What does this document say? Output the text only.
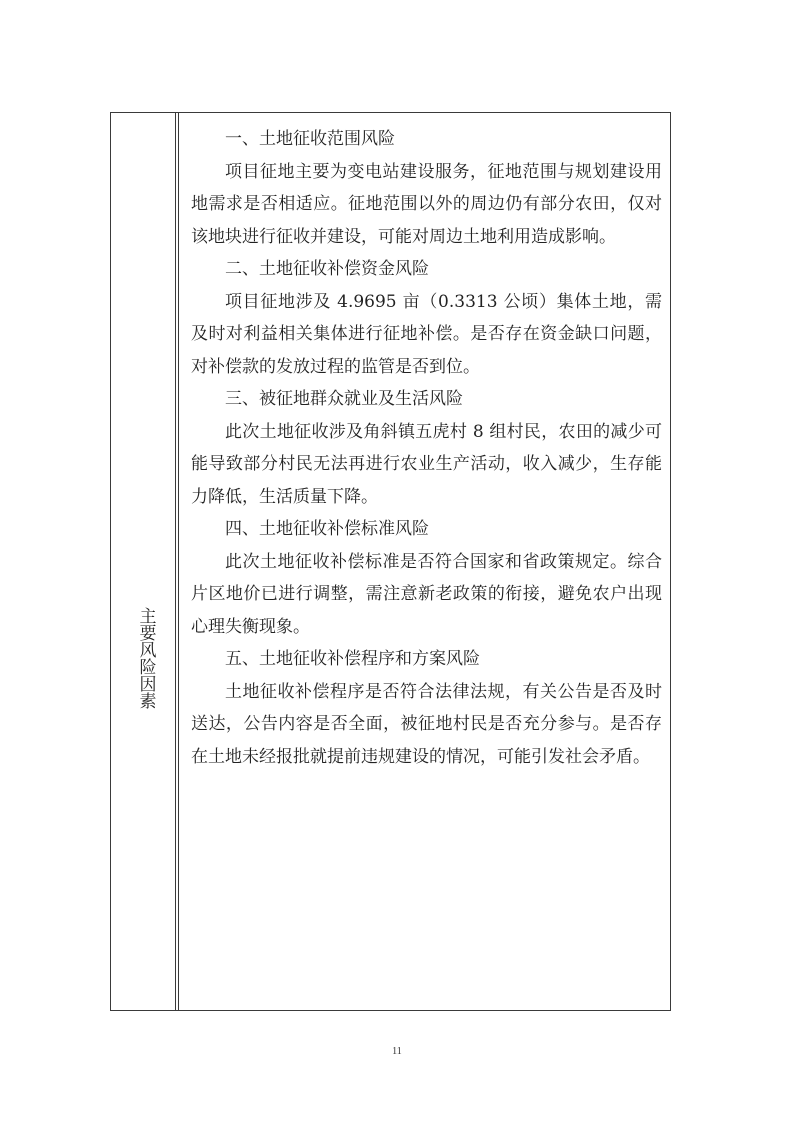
主要风险因素

一、土地征收范围风险

项目征地主要为变电站建设服务，征地范围与规划建设用地需求是否相适应。征地范围以外的周边仍有部分农田，仅对该地块进行征收并建设，可能对周边土地利用造成影响。

二、土地征收补偿资金风险

项目征地涉及 4.9695 亩（0.3313 公顷）集体土地，需及时对利益相关集体进行征地补偿。是否存在资金缺口问题，对补偿款的发放过程的监管是否到位。

三、被征地群众就业及生活风险

此次土地征收涉及角斜镇五虎村 8 组村民，农田的减少可能导致部分村民无法再进行农业生产活动，收入减少，生存能力降低，生活质量下降。

四、土地征收补偿标准风险

此次土地征收补偿标准是否符合国家和省政策规定。综合片区地价已进行调整，需注意新老政策的衔接，避免农户出现心理失衡现象。

五、土地征收补偿程序和方案风险

土地征收补偿程序是否符合法律法规，有关公告是否及时送达，公告内容是否全面，被征地村民是否充分参与。是否存在土地未经报批就提前违规建设的情况，可能引发社会矛盾。

11
